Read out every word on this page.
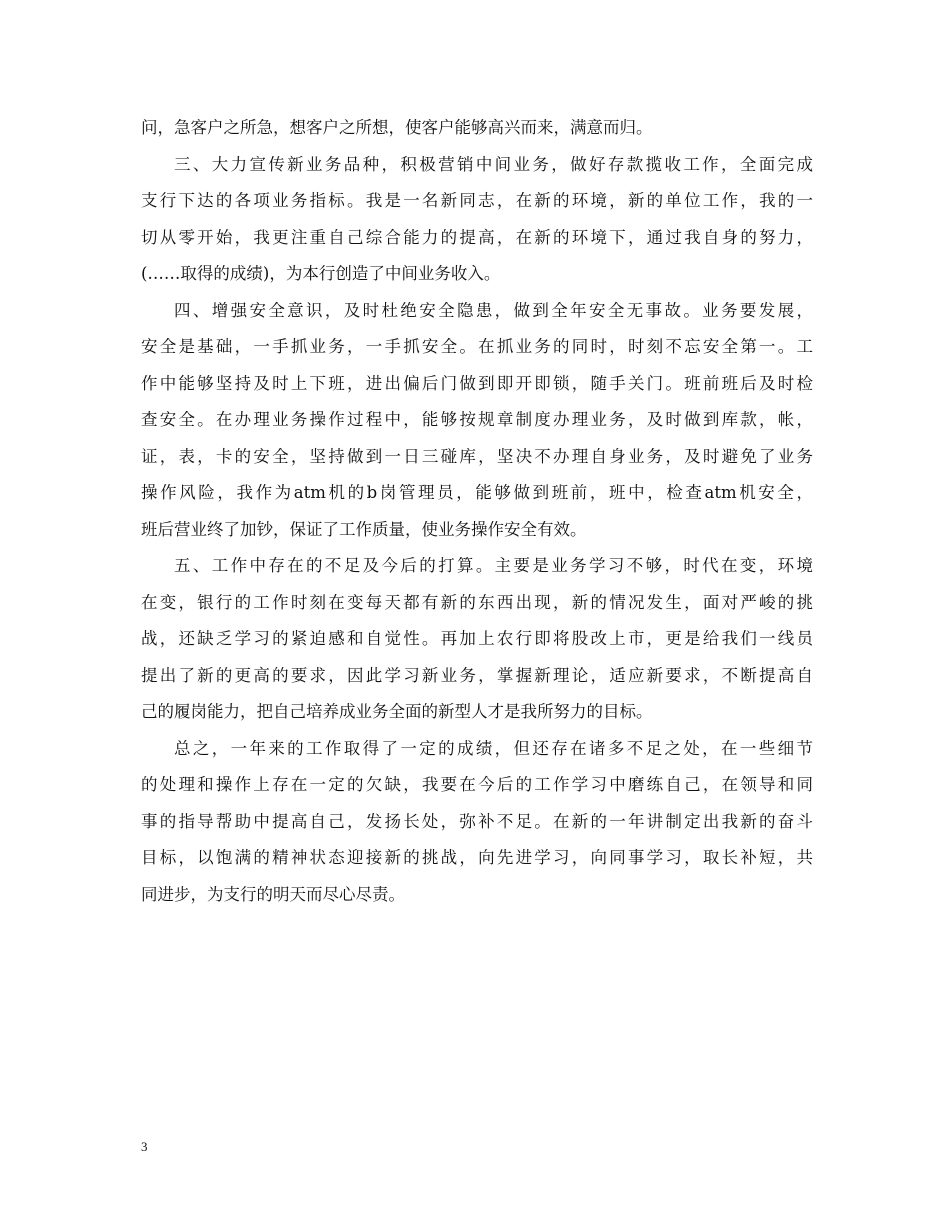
问，急客户之所急，想客户之所想，使客户能够高兴而来，满意而归。
三、大力宣传新业务品种，积极营销中间业务，做好存款揽收工作，全面完成
支行下达的各项业务指标。我是一名新同志，在新的环境，新的单位工作，我的一
切从零开始，我更注重自己综合能力的提高，在新的环境下，通过我自身的努力，
(……取得的成绩)，为本行创造了中间业务收入。
四、增强安全意识，及时杜绝安全隐患，做到全年安全无事故。业务要发展，
安全是基础，一手抓业务，一手抓安全。在抓业务的同时，时刻不忘安全第一。工
作中能够坚持及时上下班，进出偏后门做到即开即锁，随手关门。班前班后及时检
查安全。在办理业务操作过程中，能够按规章制度办理业务，及时做到库款，帐，
证，表，卡的安全，坚持做到一日三碰库，坚决不办理自身业务，及时避免了业务
操作风险，我作为atm机的b岗管理员，能够做到班前，班中，检查atm机安全，
班后营业终了加钞，保证了工作质量，使业务操作安全有效。
五、工作中存在的不足及今后的打算。主要是业务学习不够，时代在变，环境
在变，银行的工作时刻在变每天都有新的东西出现，新的情况发生，面对严峻的挑
战，还缺乏学习的紧迫感和自觉性。再加上农行即将股改上市，更是给我们一线员
提出了新的更高的要求，因此学习新业务，掌握新理论，适应新要求，不断提高自
己的履岗能力，把自己培养成业务全面的新型人才是我所努力的目标。
总之，一年来的工作取得了一定的成绩，但还存在诸多不足之处，在一些细节
的处理和操作上存在一定的欠缺，我要在今后的工作学习中磨练自己，在领导和同
事的指导帮助中提高自己，发扬长处，弥补不足。在新的一年讲制定出我新的奋斗
目标，以饱满的精神状态迎接新的挑战，向先进学习，向同事学习，取长补短，共
同进步，为支行的明天而尽心尽责。
3
